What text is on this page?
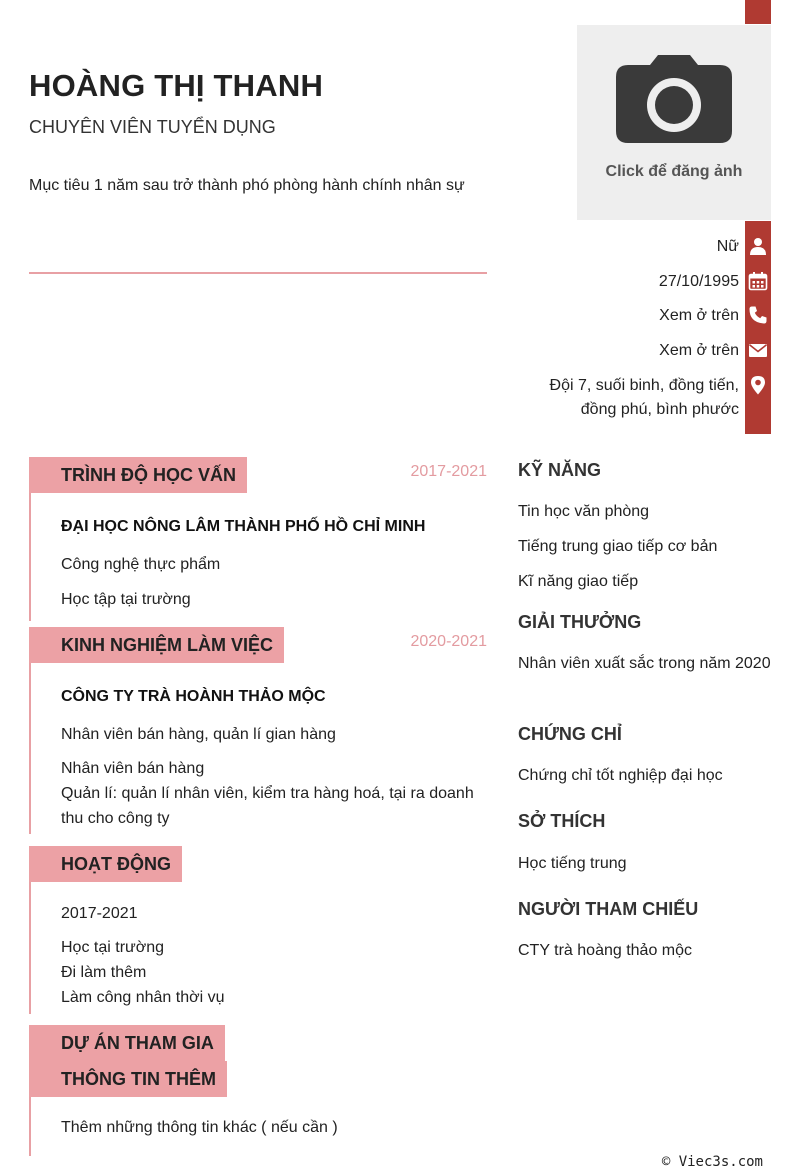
HOÀNG THỊ THANH
CHUYÊN VIÊN TUYỂN DỤNG
Mục tiêu 1 năm sau trở thành phó phòng hành chính nhân sự
Click để đăng ảnh
Nữ
27/10/1995
Xem ở trên
Xem ở trên
Đội 7, suối binh, đồng tiến,
đồng phú, bình phước
TRÌNH ĐỘ HỌC VẤN	2017-2021
ĐẠI HỌC NÔNG LÂM THÀNH PHỐ HỒ CHỈ MINH
Công nghệ thực phẩm
Học tập tại trường
KINH NGHIỆM LÀM VIỆC	2020-2021
CÔNG TY TRÀ HOÀNH THẢO MỘC
Nhân viên bán hàng, quản lí gian hàng
Nhân viên bán hàng
Quản lí: quản lí nhân viên, kiểm tra hàng hoá, tại ra doanh thu cho công ty
HOẠT ĐỘNG
2017-2021
Học tại trường
Đi làm thêm
Làm công nhân thời vụ
DỰ ÁN THAM GIA
THÔNG TIN THÊM
Thêm những thông tin khác ( nếu cần )
KỸ NĂNG
Tin học văn phòng
Tiếng trung giao tiếp cơ bản
Kĩ năng giao tiếp
GIẢI THƯỞNG
Nhân viên xuất sắc trong năm 2020
CHỨNG CHỈ
Chứng chỉ tốt nghiệp đại học
SỞ THÍCH
Học tiếng trung
NGƯỜI THAM CHIẾU
CTY trà hoàng thảo mộc
© Viec3s.com
